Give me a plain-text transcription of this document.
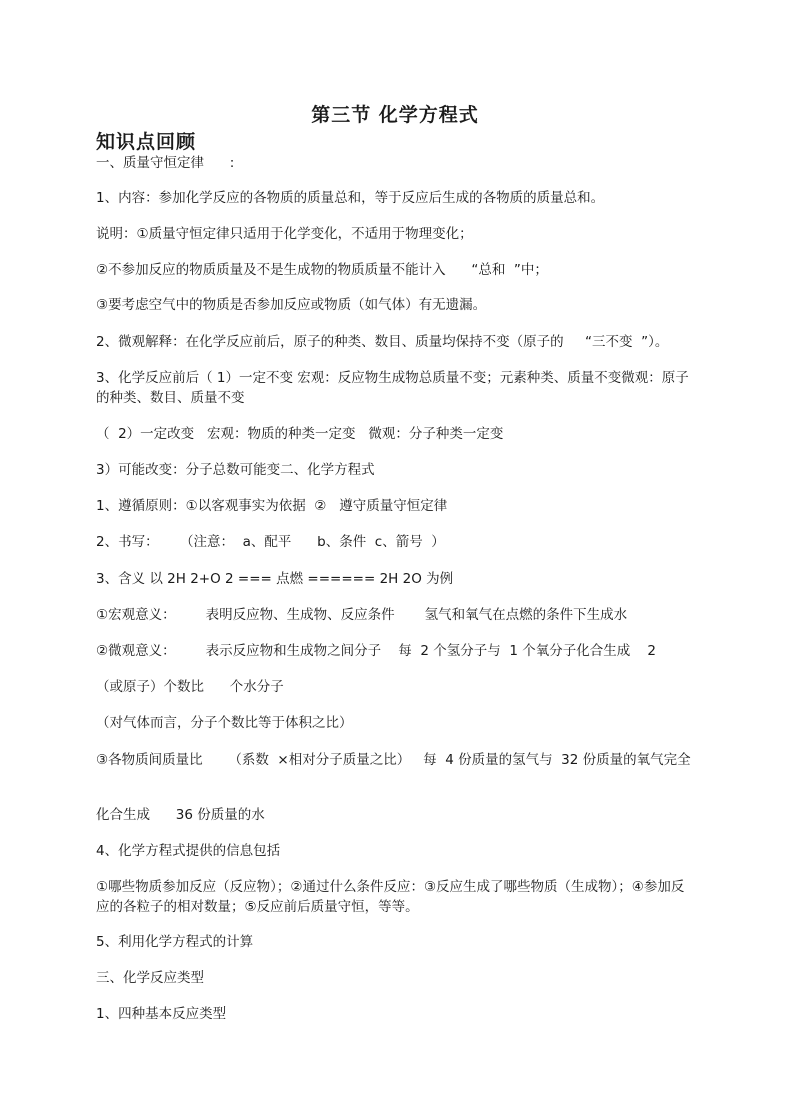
第三节 化学方程式
知识点回顾
一、质量守恒定律      :
1、内容：参加化学反应的各物质的质量总和，等于反应后生成的各物质的质量总和。
说明：①质量守恒定律只适用于化学变化，不适用于物理变化；
②不参加反应的物质质量及不是生成物的物质质量不能计入      “总和  ”中；
③要考虑空气中的物质是否参加反应或物质（如气体）有无遗漏。
2、微观解释：在化学反应前后，原子的种类、数目、质量均保持不变（原子的     “三不变  ”）。
3、化学反应前后（ 1）一定不变 宏观：反应物生成物总质量不变；元素种类、质量不变微观：原子的种类、数目、质量不变
（  2）一定改变   宏观：物质的种类一定变   微观：分子种类一定变
3）可能改变：分子总数可能变二、化学方程式
1、遵循原则：①以客观事实为依据  ②   遵守质量守恒定律
2、书写：     （注意：  a、配平      b、条件  c、箭号  ）
3、含义 以 2H 2+O 2 === 点燃 ====== 2H 2O 为例
①宏观意义：       表明反应物、生成物、反应条件       氢气和氧气在点燃的条件下生成水
②微观意义：       表示反应物和生成物之间分子    每  2 个氢分子与  1 个氧分子化合生成    2
（或原子）个数比      个水分子
（对气体而言，分子个数比等于体积之比）
③各物质间质量比      （系数  ×相对分子质量之比）   每  4 份质量的氢气与  32 份质量的氧气完全
化合生成      36 份质量的水
4、化学方程式提供的信息包括
①哪些物质参加反应（反应物）；②通过什么条件反应：③反应生成了哪些物质（生成物）；④参加反应的各粒子的相对数量；⑤反应前后质量守恒，等等。
5、利用化学方程式的计算
三、化学反应类型
1、四种基本反应类型
